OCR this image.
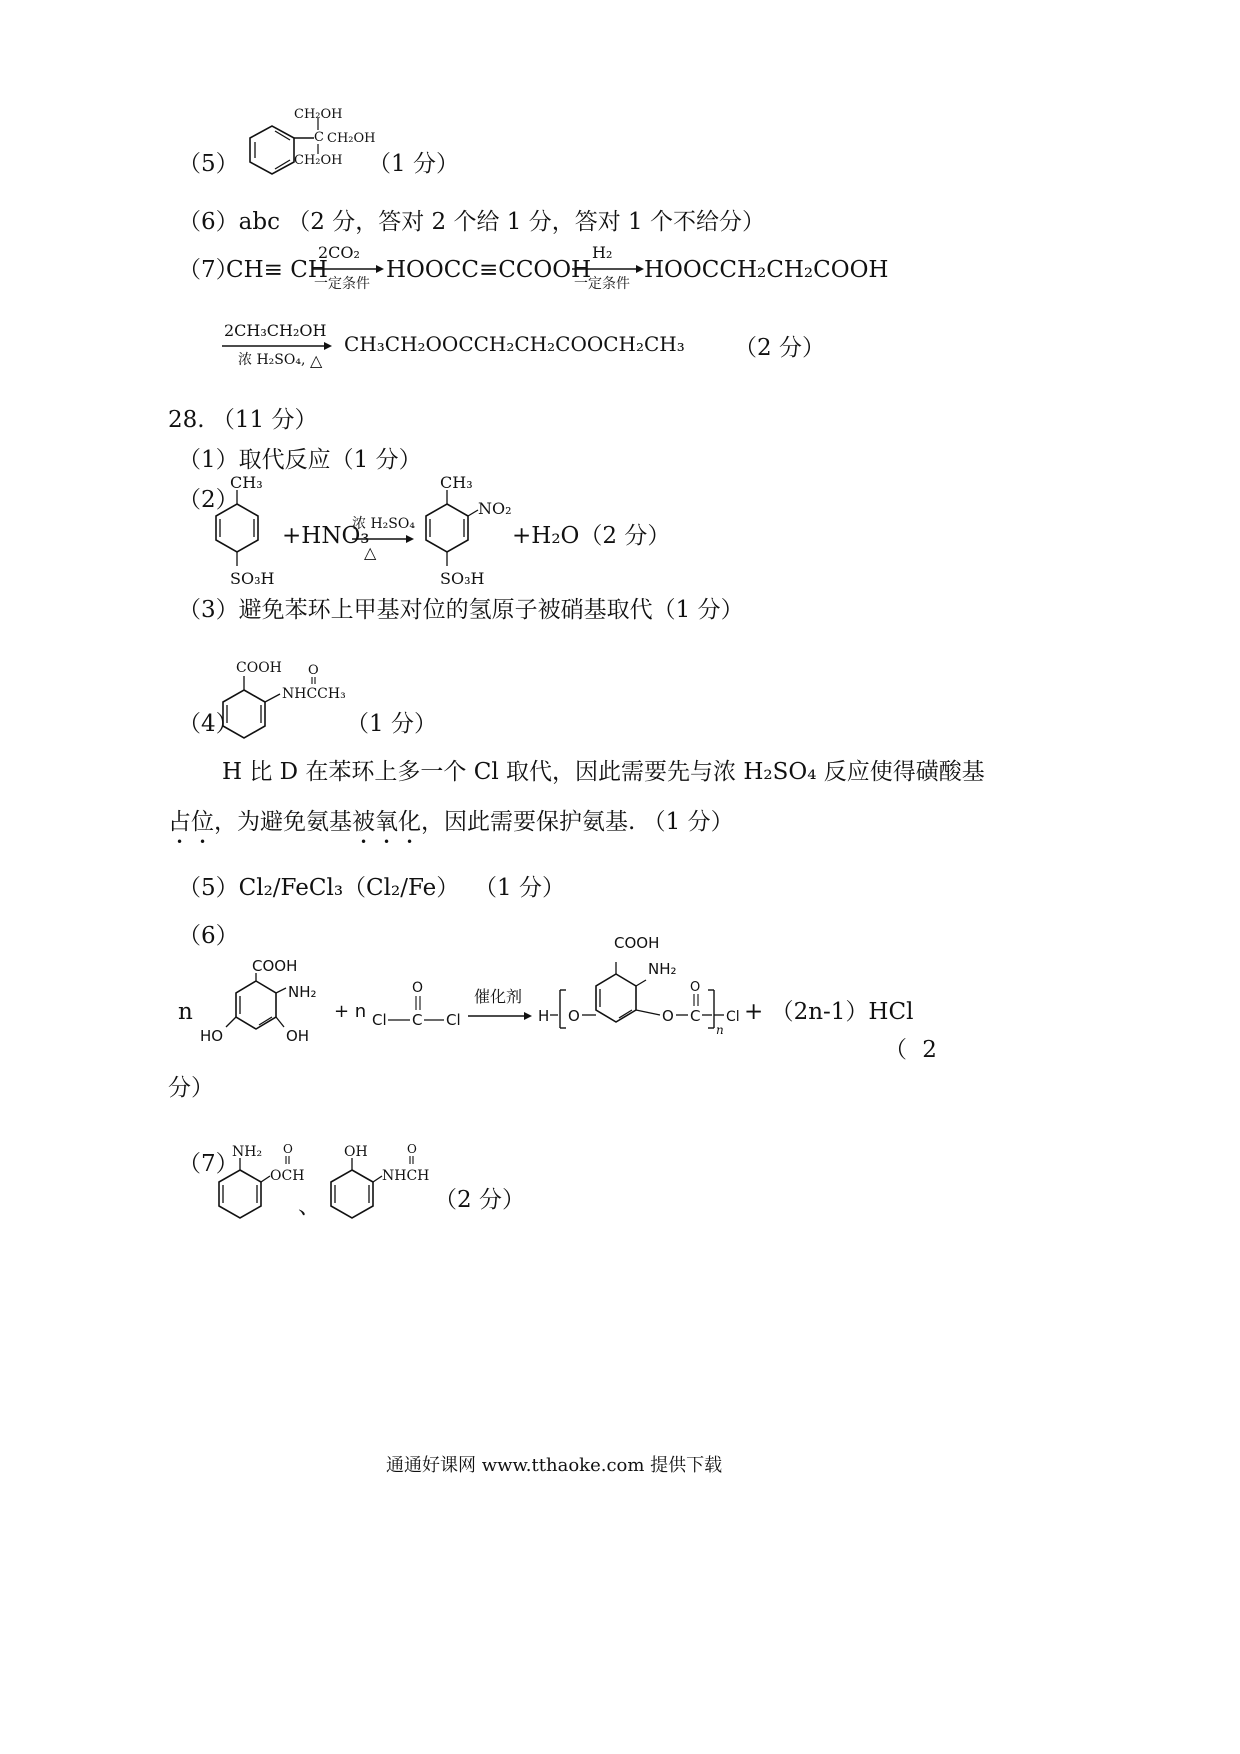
（5）
CH₂OH
C CH₂OH
CH₂OH （1 分）
（6）abc （2 分，答对 2 个给 1 分，答对 1 个不给分）
（7）
CH≡ CH
2CO₂
一定条件
HOOCC≡CCOOH
H₂
一定条件
HOOCCH₂CH₂COOH
2CH₃CH₂OH
浓 H₂SO₄, △
CH₃CH₂OOCCH₂CH₂COOCH₂CH₃ （2 分）
28. （11 分）
（1）取代反应（1 分）
（2）
CH₃
SO₃H
+HNO₃
浓 H₂SO₄
△
CH₃
NO₂
SO₃H
+H₂O（2 分）
（3）避免苯环上甲基对位的氢原子被硝基取代（1 分）
（4）
COOH O
NHCCH₃
（1 分）
H 比 D 在苯环上多一个 Cl 取代，因此需要先与浓 H₂SO₄ 反应使得磺酸基
占位，为避免氨基被氧化，因此需要保护氨基. （1 分）
（5）Cl₂/FeCl₃（Cl₂/Fe） （1 分）
（6）
n
COOH
NH₂
HO	OH
+ n Cl C Cl
O	催化剂
H O
COOH
NH₂
O C
O
n
Cl + （2n-1）HCl
（ 2
分）
（7）
NH₂ O
OCH
、
OH	O
NHCH
（2 分）
通通好课网 www.tthaoke.com 提供下载
